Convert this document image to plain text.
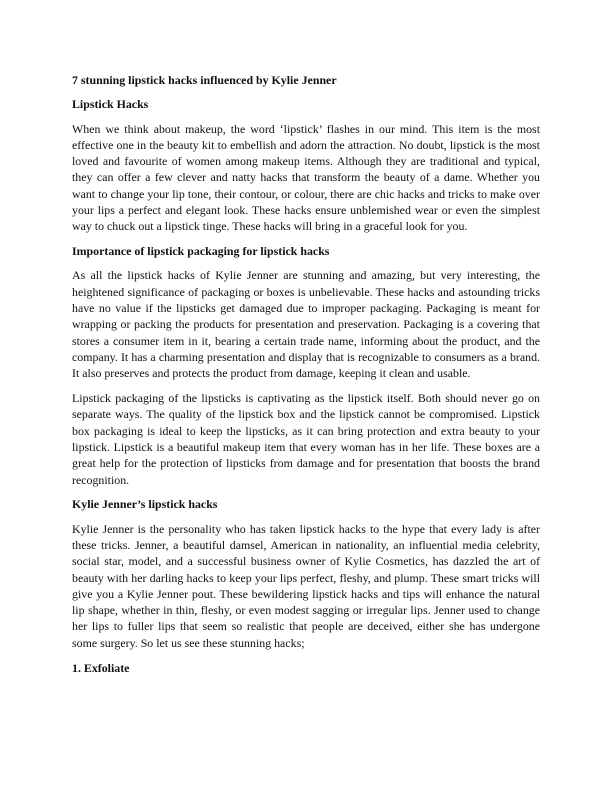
7 stunning lipstick hacks influenced by Kylie Jenner
Lipstick Hacks

When we think about makeup, the word ‘lipstick’ flashes in our mind. This item is the most effective one in the beauty kit to embellish and adorn the attraction. No doubt, lipstick is the most loved and favourite of women among makeup items. Although they are traditional and typical, they can offer a few clever and natty hacks that transform the beauty of a dame. Whether you want to change your lip tone, their contour, or colour, there are chic hacks and tricks to make over your lips a perfect and elegant look. These hacks ensure unblemished wear or even the simplest way to chuck out a lipstick tinge. These hacks will bring in a graceful look for you.

Importance of lipstick packaging for lipstick hacks

As all the lipstick hacks of Kylie Jenner are stunning and amazing, but very interesting, the heightened significance of packaging or boxes is unbelievable. These hacks and astounding tricks have no value if the lipsticks get damaged due to improper packaging. Packaging is meant for wrapping or packing the products for presentation and preservation. Packaging is a covering that stores a consumer item in it, bearing a certain trade name, informing about the product, and the company. It has a charming presentation and display that is recognizable to consumers as a brand. It also preserves and protects the product from damage, keeping it clean and usable.

Lipstick packaging of the lipsticks is captivating as the lipstick itself. Both should never go on separate ways. The quality of the lipstick box and the lipstick cannot be compromised. Lipstick box packaging is ideal to keep the lipsticks, as it can bring protection and extra beauty to your lipstick. Lipstick is a beautiful makeup item that every woman has in her life. These boxes are a great help for the protection of lipsticks from damage and for presentation that boosts the brand recognition.

Kylie Jenner’s lipstick hacks

Kylie Jenner is the personality who has taken lipstick hacks to the hype that every lady is after these tricks. Jenner, a beautiful damsel, American in nationality, an influential media celebrity, social star, model, and a successful business owner of Kylie Cosmetics, has dazzled the art of beauty with her darling hacks to keep your lips perfect, fleshy, and plump. These smart tricks will give you a Kylie Jenner pout. These bewildering lipstick hacks and tips will enhance the natural lip shape, whether in thin, fleshy, or even modest sagging or irregular lips. Jenner used to change her lips to fuller lips that seem so realistic that people are deceived, either she has undergone some surgery. So let us see these stunning hacks;

1. Exfoliate
